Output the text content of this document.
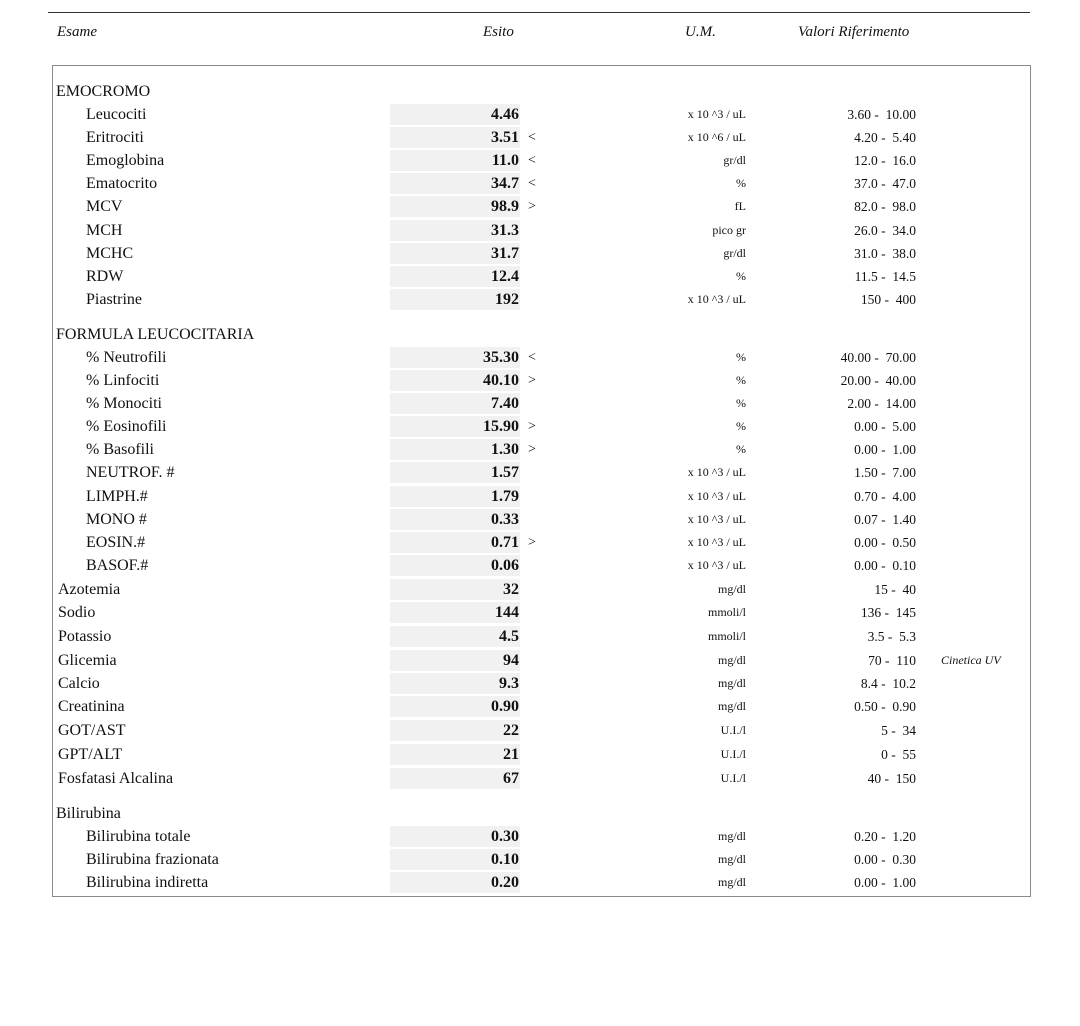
Esame	Esito	U.M.	Valori Riferimento
EMOCROMO
FORMULA LEUCOCITARIA
Bilirubina
Leucociti	4.46	x 10 ^3 / uL	3.60 -  10.00
Eritrociti	3.51 <	x 10 ^6 / uL	4.20 -  5.40
Emoglobina	11.0 <	gr/dl	12.0 -  16.0
Ematocrito	34.7 <	%	37.0 -  47.0
MCV	98.9 >	fL	82.0 -  98.0
MCH	31.3	pico gr	26.0 -  34.0
MCHC	31.7	gr/dl	31.0 -  38.0
RDW	12.4	%	11.5 -  14.5
Piastrine	192	x 10 ^3 / uL	150 -  400
% Neutrofili	35.30 <	%	40.00 -  70.00
% Linfociti	40.10 >	%	20.00 -  40.00
% Monociti	7.40	%	2.00 -  14.00
% Eosinofili	15.90 >	%	0.00 -  5.00
% Basofili	1.30 >	%	0.00 -  1.00
NEUTROF. #	1.57	x 10 ^3 / uL	1.50 -  7.00
LIMPH.#	1.79	x 10 ^3 / uL	0.70 -  4.00
MONO #	0.33	x 10 ^3 / uL	0.07 -  1.40
EOSIN.#	0.71 >	x 10 ^3 / uL	0.00 -  0.50
BASOF.#	0.06	x 10 ^3 / uL	0.00 -  0.10
Azotemia	32	mg/dl	15 -  40
Sodio	144	mmoli/l	136 -  145
Potassio	4.5	mmoli/l	3.5 -  5.3
Glicemia	94	mg/dl	70 -  110 Cinetica UV
Calcio	9.3	mg/dl	8.4 -  10.2
Creatinina	0.90	mg/dl	0.50 -  0.90
GOT/AST	22	U.I./l	5 -  34
GPT/ALT	21	U.I./l	0 -  55
Fosfatasi Alcalina	67	U.I./l	40 -  150
Bilirubina totale	0.30	mg/dl	0.20 -  1.20
Bilirubina frazionata	0.10	mg/dl	0.00 -  0.30
Bilirubina indiretta	0.20	mg/dl	0.00 -  1.00
